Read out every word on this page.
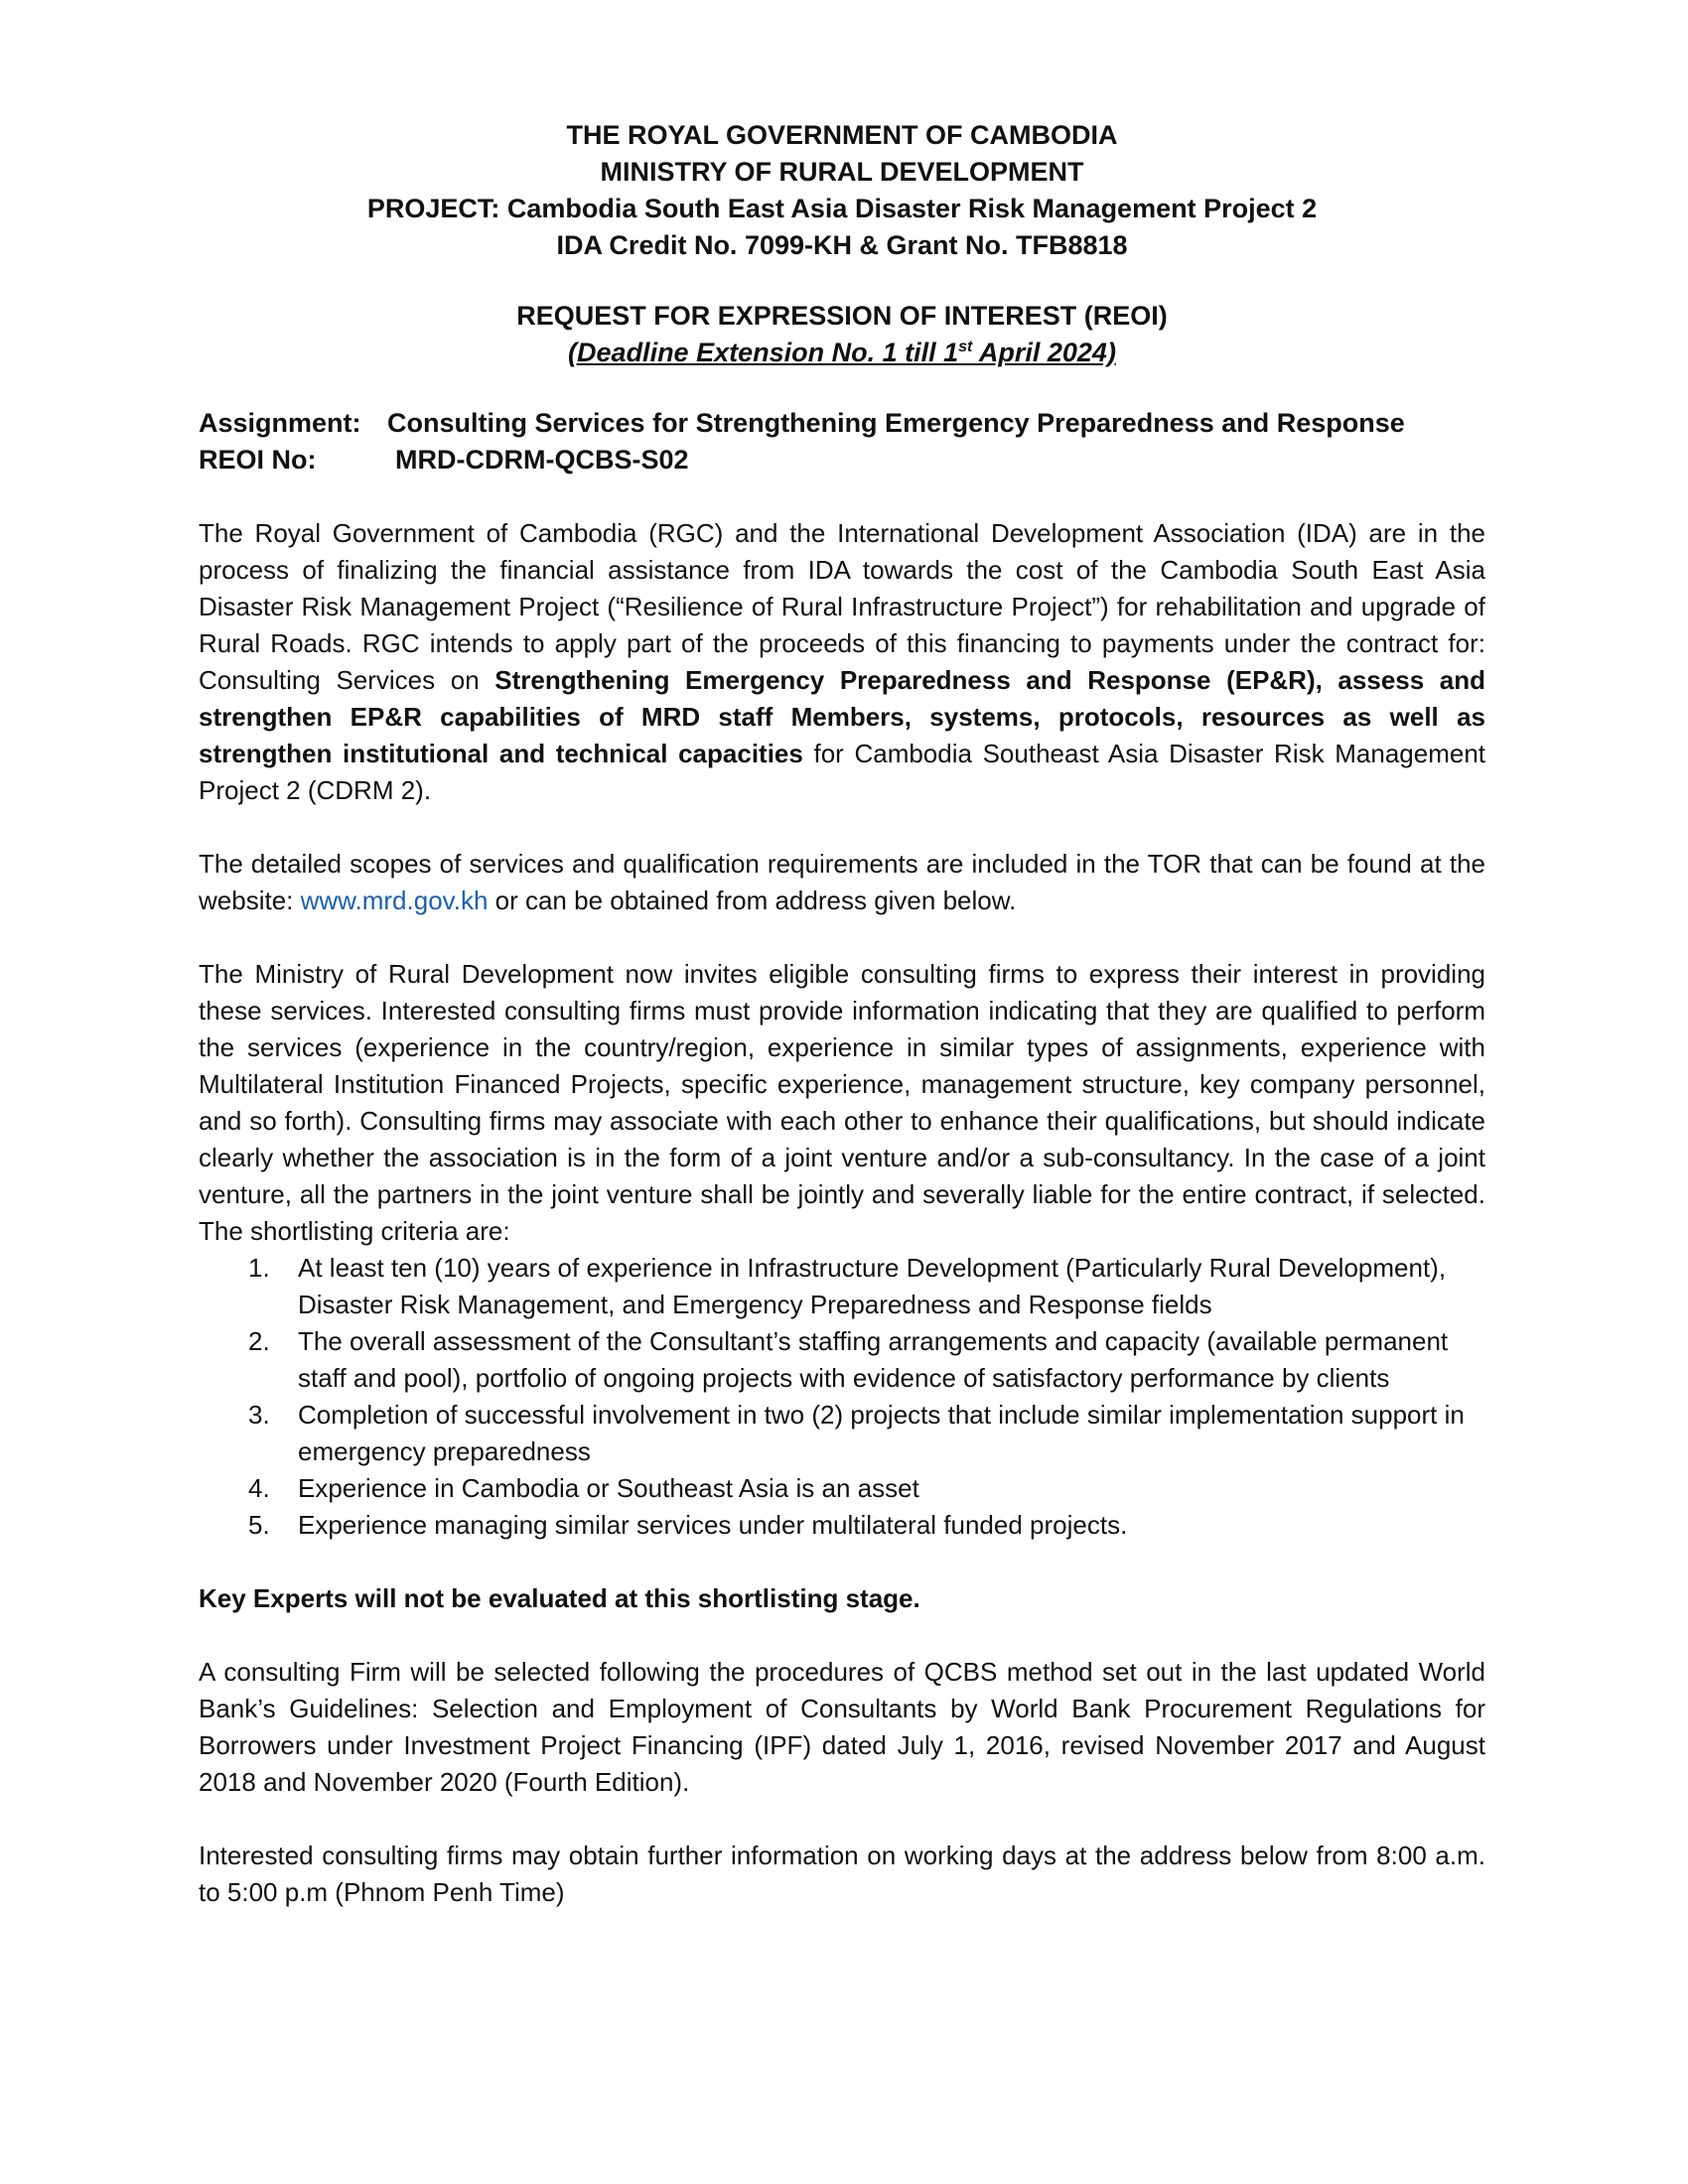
THE ROYAL GOVERNMENT OF CAMBODIA
MINISTRY OF RURAL DEVELOPMENT
PROJECT: Cambodia South East Asia Disaster Risk Management Project 2
IDA Credit No. 7099-KH & Grant No. TFB8818
REQUEST FOR EXPRESSION OF INTEREST (REOI)
(Deadline Extension No. 1 till 1st April 2024)
Assignment: Consulting Services for Strengthening Emergency Preparedness and Response
REOI No:	MRD-CDRM-QCBS-S02

The Royal Government of Cambodia (RGC) and the International Development Association (IDA) are in the process of finalizing the financial assistance from IDA towards the cost of the Cambodia South East Asia Disaster Risk Management Project (“Resilience of Rural Infrastructure Project”) for rehabilitation and upgrade of Rural Roads. RGC intends to apply part of the proceeds of this financing to payments under the contract for: Consulting Services on Strengthening Emergency Preparedness and Response (EP&R), assess and strengthen EP&R capabilities of MRD staff Members, systems, protocols, resources as well as strengthen institutional and technical capacities for Cambodia Southeast Asia Disaster Risk Management Project 2 (CDRM 2).

The detailed scopes of services and qualification requirements are included in the TOR that can be found at the website: www.mrd.gov.kh or can be obtained from address given below.

The Ministry of Rural Development now invites eligible consulting firms to express their interest in providing these services. Interested consulting firms must provide information indicating that they are qualified to perform the services (experience in the country/region, experience in similar types of assignments, experience with Multilateral Institution Financed Projects, specific experience, management structure, key company personnel, and so forth). Consulting firms may associate with each other to enhance their qualifications, but should indicate clearly whether the association is in the form of a joint venture and/or a sub-consultancy. In the case of a joint venture, all the partners in the joint venture shall be jointly and severally liable for the entire contract, if selected. The shortlisting criteria are:
1. At least ten (10) years of experience in Infrastructure Development (Particularly Rural Development), Disaster Risk Management, and Emergency Preparedness and Response fields
2. The overall assessment of the Consultant’s staffing arrangements and capacity (available permanent staff and pool), portfolio of ongoing projects with evidence of satisfactory performance by clients
3. Completion of successful involvement in two (2) projects that include similar implementation support in emergency preparedness
4. Experience in Cambodia or Southeast Asia is an asset
5. Experience managing similar services under multilateral funded projects.
Key Experts will not be evaluated at this shortlisting stage.

A consulting Firm will be selected following the procedures of QCBS method set out in the last updated World Bank’s Guidelines: Selection and Employment of Consultants by World Bank Procurement Regulations for Borrowers under Investment Project Financing (IPF) dated July 1, 2016, revised November 2017 and August 2018 and November 2020 (Fourth Edition).

Interested consulting firms may obtain further information on working days at the address below from 8:00 a.m. to 5:00 p.m (Phnom Penh Time)
